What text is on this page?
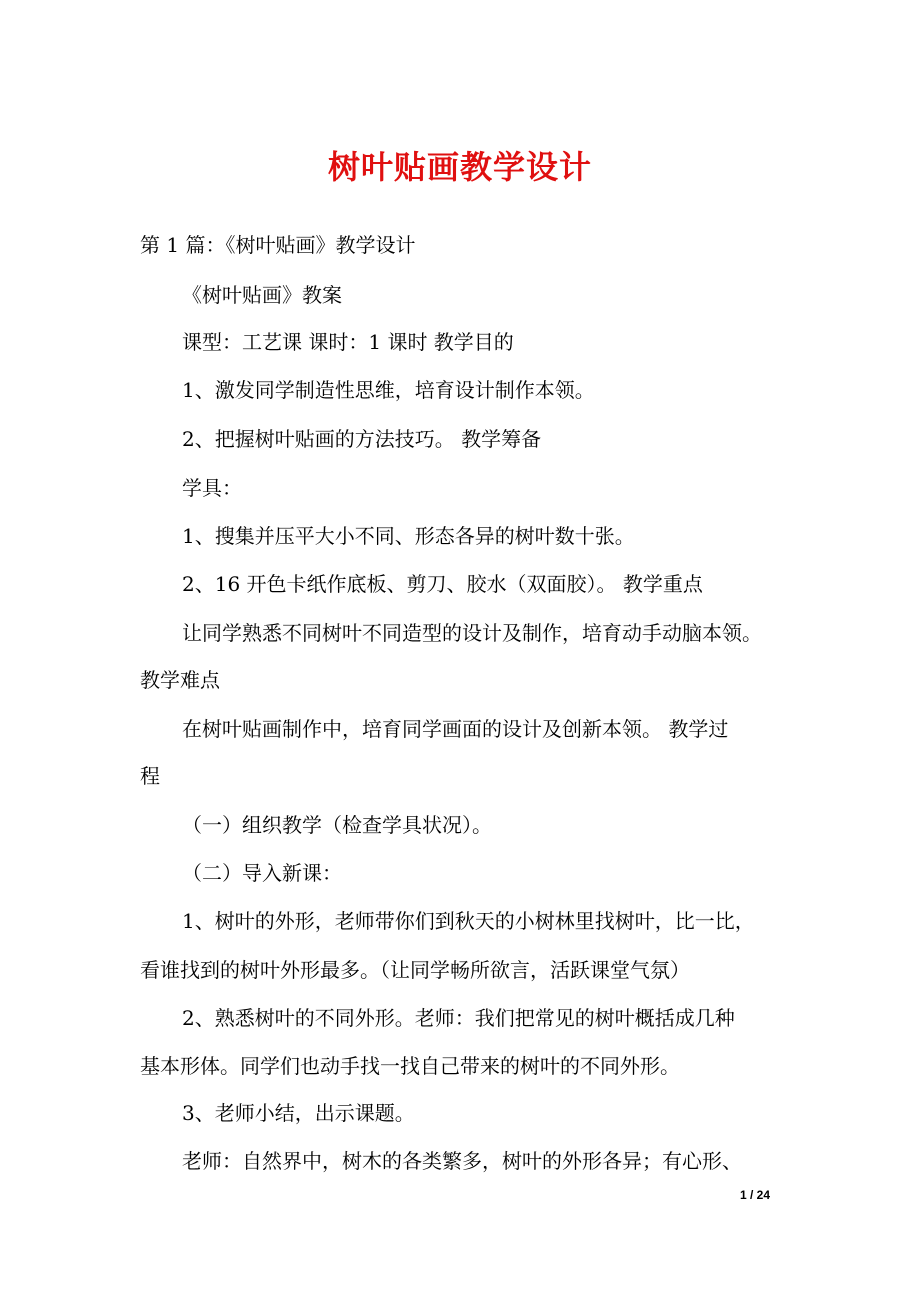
树叶贴画教学设计
第 1 篇：《树叶贴画》教学设计
《树叶贴画》教案
课型：工艺课 课时：1 课时 教学目的
1、激发同学制造性思维，培育设计制作本领。
2、把握树叶贴画的方法技巧。 教学筹备
学具：
1、搜集并压平大小不同、形态各异的树叶数十张。
2、16 开色卡纸作底板、剪刀、胶水（双面胶）。 教学重点
让同学熟悉不同树叶不同造型的设计及制作，培育动手动脑本领。
教学难点
在树叶贴画制作中，培育同学画面的设计及创新本领。 教学过
程
（一）组织教学（检查学具状况）。
（二）导入新课：
1、树叶的外形，老师带你们到秋天的小树林里找树叶，比一比，
看谁找到的树叶外形最多。（让同学畅所欲言，活跃课堂气氛）
2、熟悉树叶的不同外形。老师：我们把常见的树叶概括成几种
基本形体。同学们也动手找一找自己带来的树叶的不同外形。
3、老师小结，出示课题。
老师：自然界中，树木的各类繁多，树叶的外形各异；有心形、
1 / 24
